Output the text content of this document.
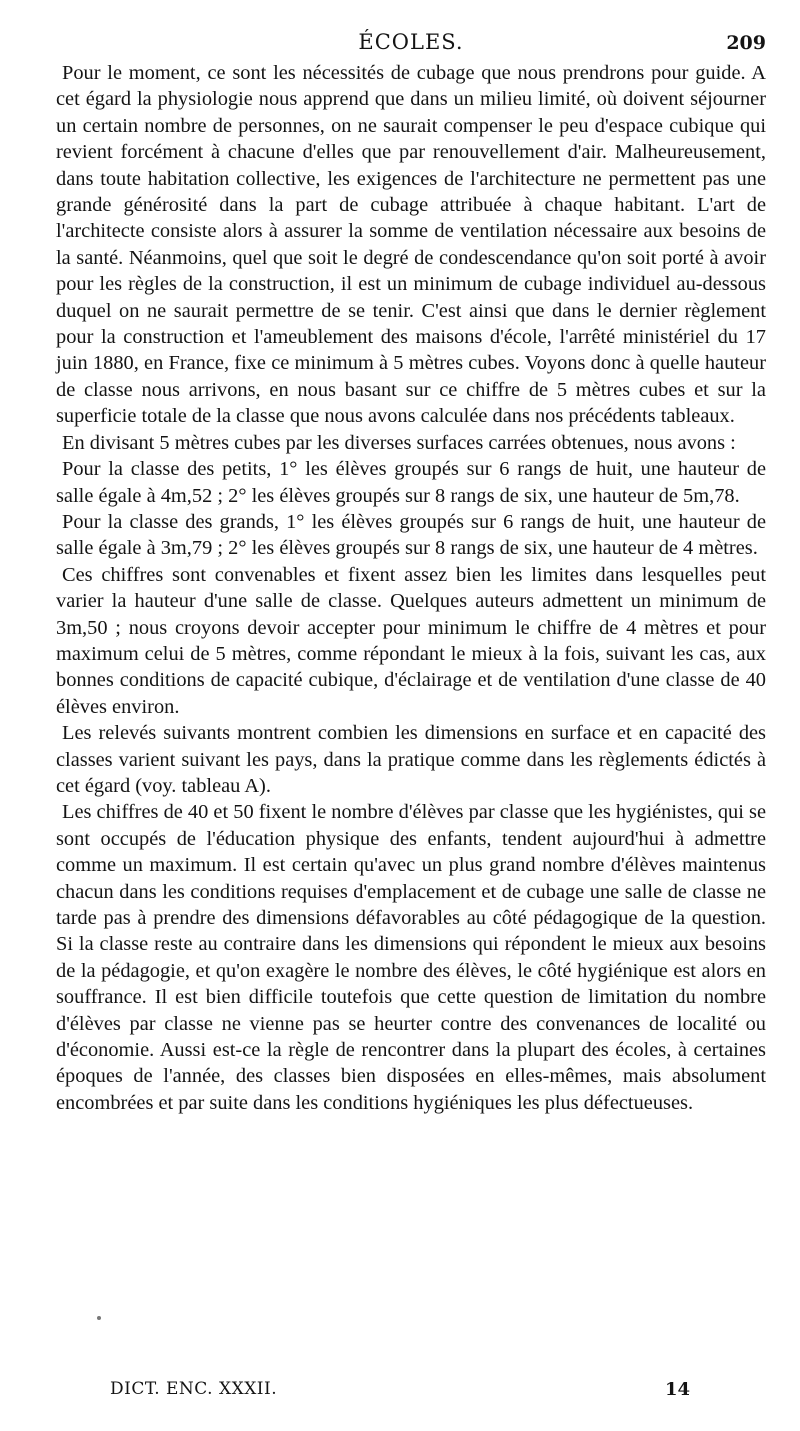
ÉCOLES.	209

Pour le moment, ce sont les nécessités de cubage que nous prendrons pour guide. A cet égard la physiologie nous apprend que dans un milieu limité, où doivent séjourner un certain nombre de personnes, on ne saurait compenser le peu d'espace cubique qui revient forcément à chacune d'elles que par renouvellement d'air. Malheureusement, dans toute habitation collective, les exigences de l'architecture ne permettent pas une grande générosité dans la part de cubage attribuée à chaque habitant. L'art de l'architecte consiste alors à assurer la somme de ventilation nécessaire aux besoins de la santé. Néanmoins, quel que soit le degré de condescendance qu'on soit porté à avoir pour les règles de la construction, il est un minimum de cubage individuel au-dessous duquel on ne saurait permettre de se tenir. C'est ainsi que dans le dernier règlement pour la construction et l'ameublement des maisons d'école, l'arrêté ministériel du 17 juin 1880, en France, fixe ce minimum à 5 mètres cubes. Voyons donc à quelle hauteur de classe nous arrivons, en nous basant sur ce chiffre de 5 mètres cubes et sur la superficie totale de la classe que nous avons calculée dans nos précédents tableaux.

En divisant 5 mètres cubes par les diverses surfaces carrées obtenues, nous avons :

Pour la classe des petits, 1° les élèves groupés sur 6 rangs de huit, une hauteur de salle égale à 4m,52 ; 2° les élèves groupés sur 8 rangs de six, une hauteur de 5m,78.

Pour la classe des grands, 1° les élèves groupés sur 6 rangs de huit, une hauteur de salle égale à 3m,79 ; 2° les élèves groupés sur 8 rangs de six, une hauteur de 4 mètres.

Ces chiffres sont convenables et fixent assez bien les limites dans lesquelles peut varier la hauteur d'une salle de classe. Quelques auteurs admettent un minimum de 3m,50 ; nous croyons devoir accepter pour minimum le chiffre de 4 mètres et pour maximum celui de 5 mètres, comme répondant le mieux à la fois, suivant les cas, aux bonnes conditions de capacité cubique, d'éclairage et de ventilation d'une classe de 40 élèves environ.

Les relevés suivants montrent combien les dimensions en surface et en capacité des classes varient suivant les pays, dans la pratique comme dans les règlements édictés à cet égard (voy. tableau A).

Les chiffres de 40 et 50 fixent le nombre d'élèves par classe que les hygiénistes, qui se sont occupés de l'éducation physique des enfants, tendent aujourd'hui à admettre comme un maximum. Il est certain qu'avec un plus grand nombre d'élèves maintenus chacun dans les conditions requises d'emplacement et de cubage une salle de classe ne tarde pas à prendre des dimensions défavorables au côté pédagogique de la question. Si la classe reste au contraire dans les dimensions qui répondent le mieux aux besoins de la pédagogie, et qu'on exagère le nombre des élèves, le côté hygiénique est alors en souffrance. Il est bien difficile toutefois que cette question de limitation du nombre d'élèves par classe ne vienne pas se heurter contre des convenances de localité ou d'économie. Aussi est-ce la règle de rencontrer dans la plupart des écoles, à certaines époques de l'année, des classes bien disposées en elles-mêmes, mais absolument encombrées et par suite dans les conditions hygiéniques les plus défectueuses.

DICT. ENC. XXXII.	14
